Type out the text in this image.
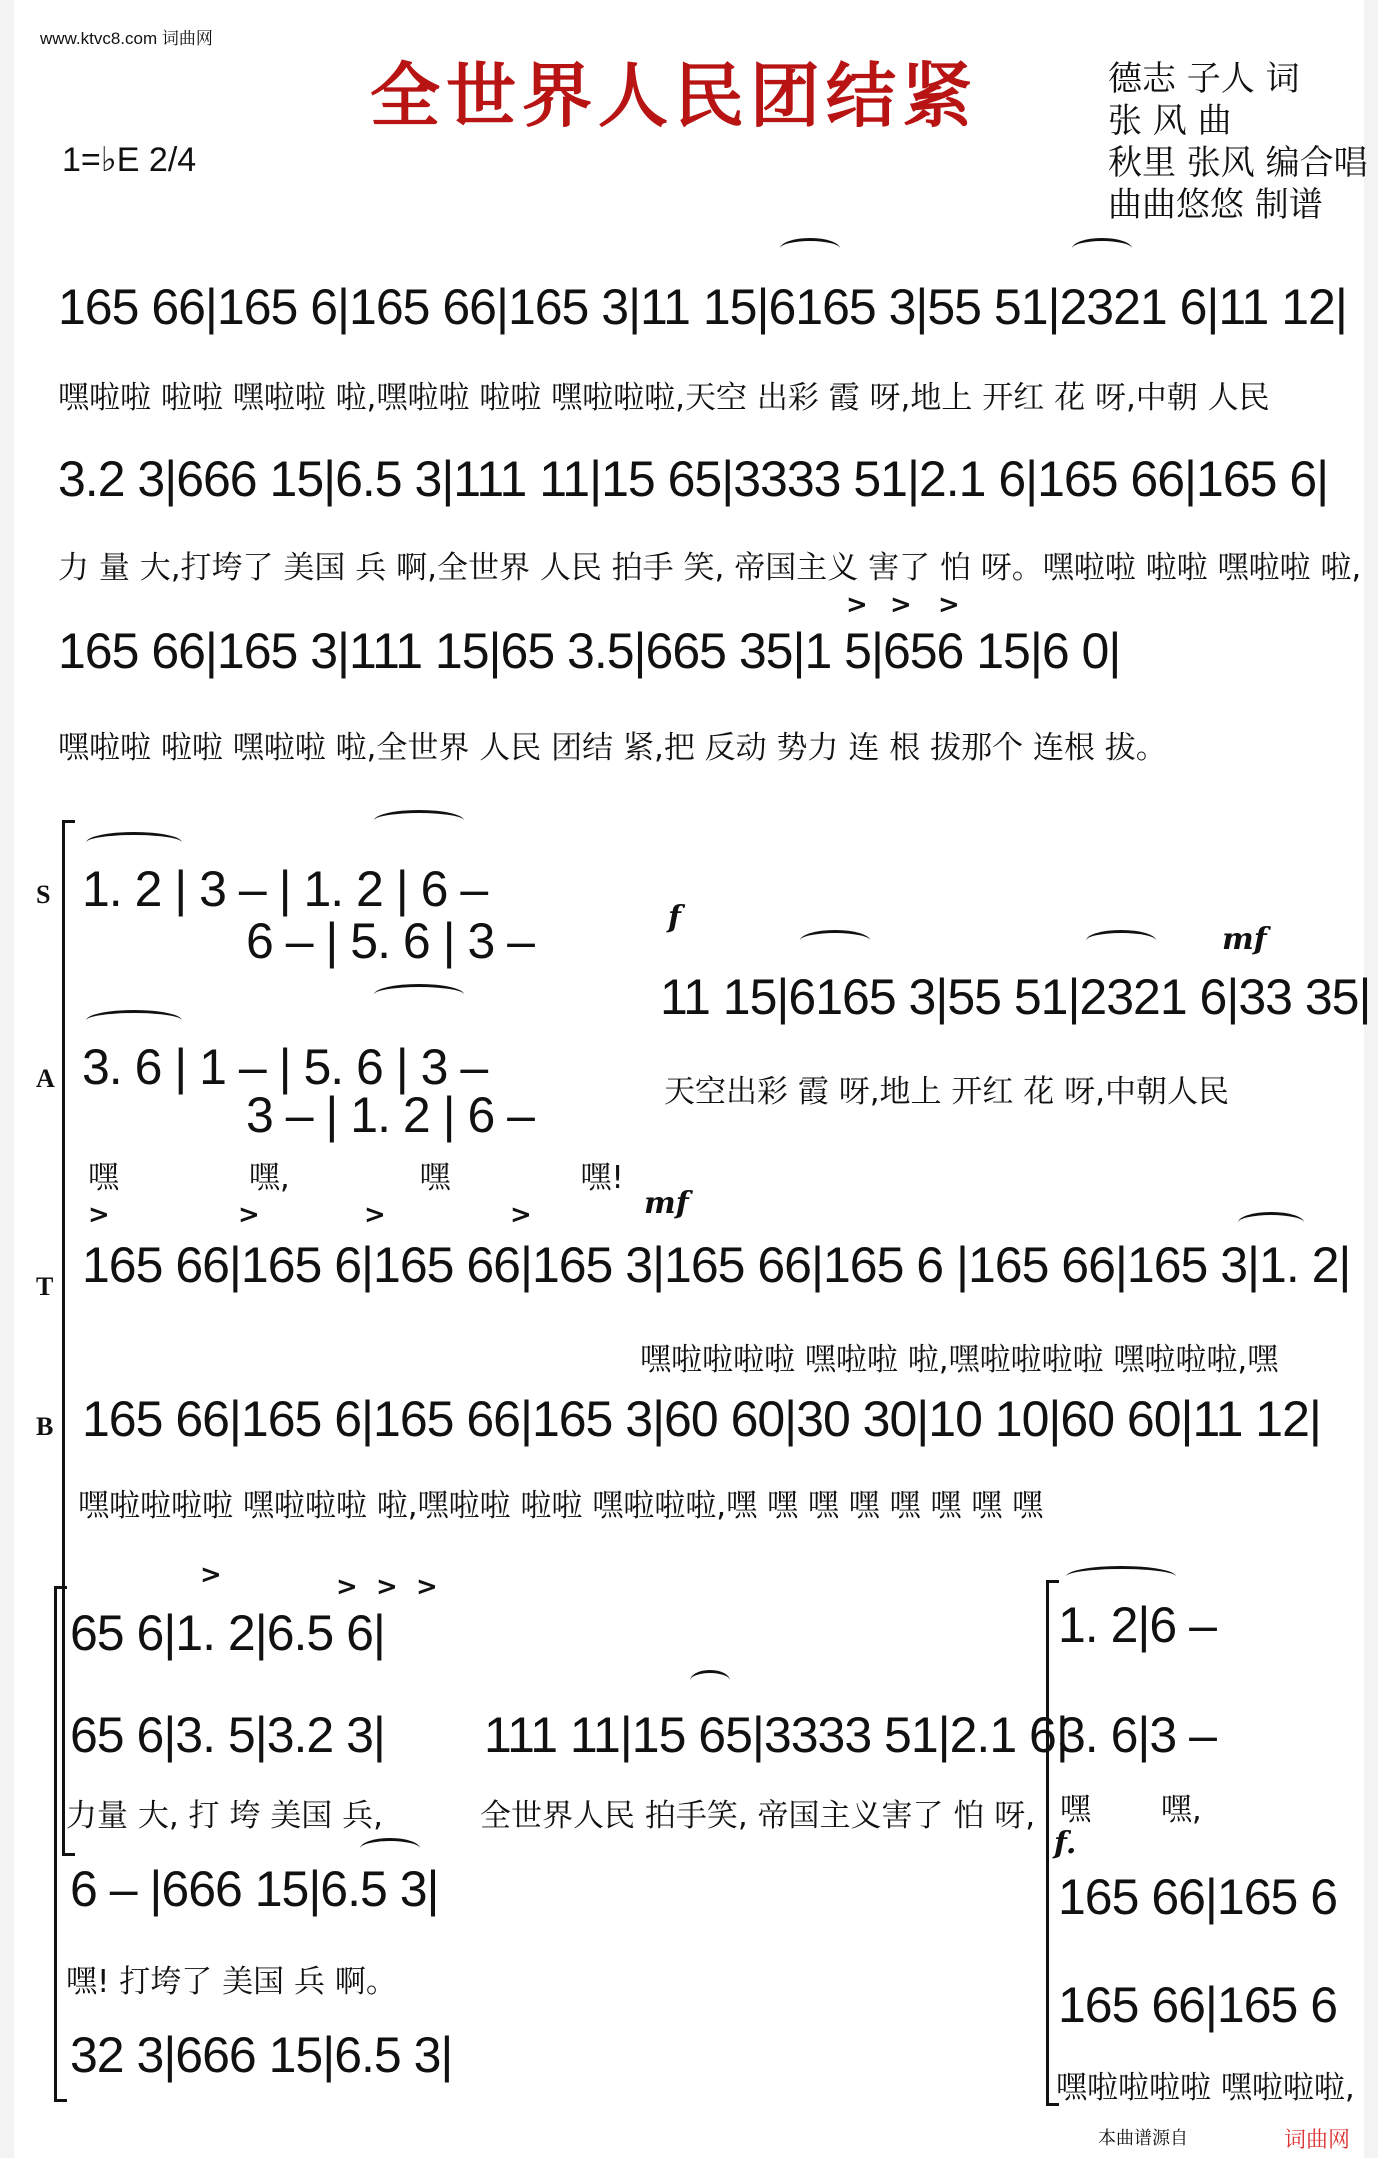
www.ktvc8.com 词曲网
全世界人民团结紧
1=♭E 2/4
德志 子人 词
张 风 曲
秋里 张风 编合唱
曲曲悠悠 制谱
165 66|165 6|165 66|165 3|11 15|6165 3|55 51|2321 6|11 12|
嘿啦啦 啦啦 嘿啦啦 啦,嘿啦啦 啦啦 嘿啦啦啦,天空 出彩 霞 呀,地上 开红 花 呀,中朝 人民
3.2 3|666 15|6.5 3|111 11|15 65|3333 51|2.1 6|165 66|165 6|
力 量 大,打垮了 美国 兵 啊,全世界 人民 拍手 笑, 帝国主义 害了 怕 呀。嘿啦啦 啦啦 嘿啦啦 啦,
> > >
165 66|165 3|111 15|65 3.5|665 35|1 5|656 15|6 0|
嘿啦啦 啦啦 嘿啦啦 啦,全世界 人民 团结 紧,把 反动 势力 连 根 拔那个 连根 拔。
S
A
T
B
1. 2 | 3 – | 1. 2 | 6 –
6 – | 5. 6 | 3 –
3. 6 | 1 – | 5. 6 | 3 –
3 – | 1. 2 | 6 –
嘿 嘿, 嘿 嘿!
f
mf
11 15|6165 3|55 51|2321 6|33 35|
天空出彩 霞 呀,地上 开红 花 呀,中朝人民
mf
>	>	>	>
165 66|165 6|165 66|165 3|165 66|165 6 |165 66|165 3|1. 2|
嘿啦啦啦啦 嘿啦啦 啦,嘿啦啦啦啦 嘿啦啦啦,嘿
165 66|165 6|165 66|165 3|60 60|30 30|10 10|60 60|11 12|
嘿啦啦啦啦 嘿啦啦啦 啦,嘿啦啦 啦啦 嘿啦啦啦,嘿 嘿 嘿 嘿 嘿 嘿 嘿 嘿
>	> > >
65 6|1. 2|6.5 6|
65 6|3. 5|3.2 3|
力量 大, 打 垮 美国 兵,
6 – |666 15|6.5 3|
嘿! 打垮了 美国 兵 啊。
32 3|666 15|6.5 3|
111 11|15 65|3333 51|2.1 6|
全世界人民 拍手笑, 帝国主义害了 怕 呀,
1. 2|6 –
3. 6|3 –
嘿 嘿,
f.
165 66|165 6
165 66|165 6
嘿啦啦啦啦 嘿啦啦啦,
本曲谱源自	词曲网
